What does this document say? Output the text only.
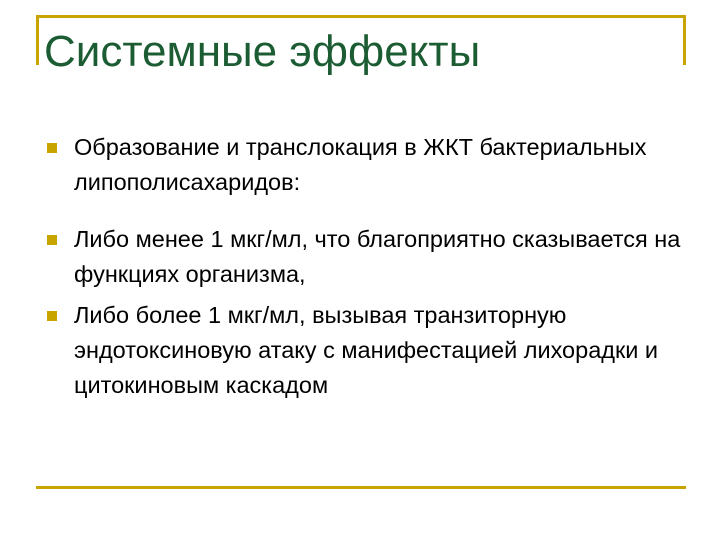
Системные эффекты
Образование и транслокация в ЖКТ бактериальных липополисахаридов:
Либо менее 1 мкг/мл, что благоприятно сказывается на функциях организма,
Либо более 1 мкг/мл, вызывая транзиторную эндотоксиновую атаку с манифестацией лихорадки и цитокиновым каскадом
